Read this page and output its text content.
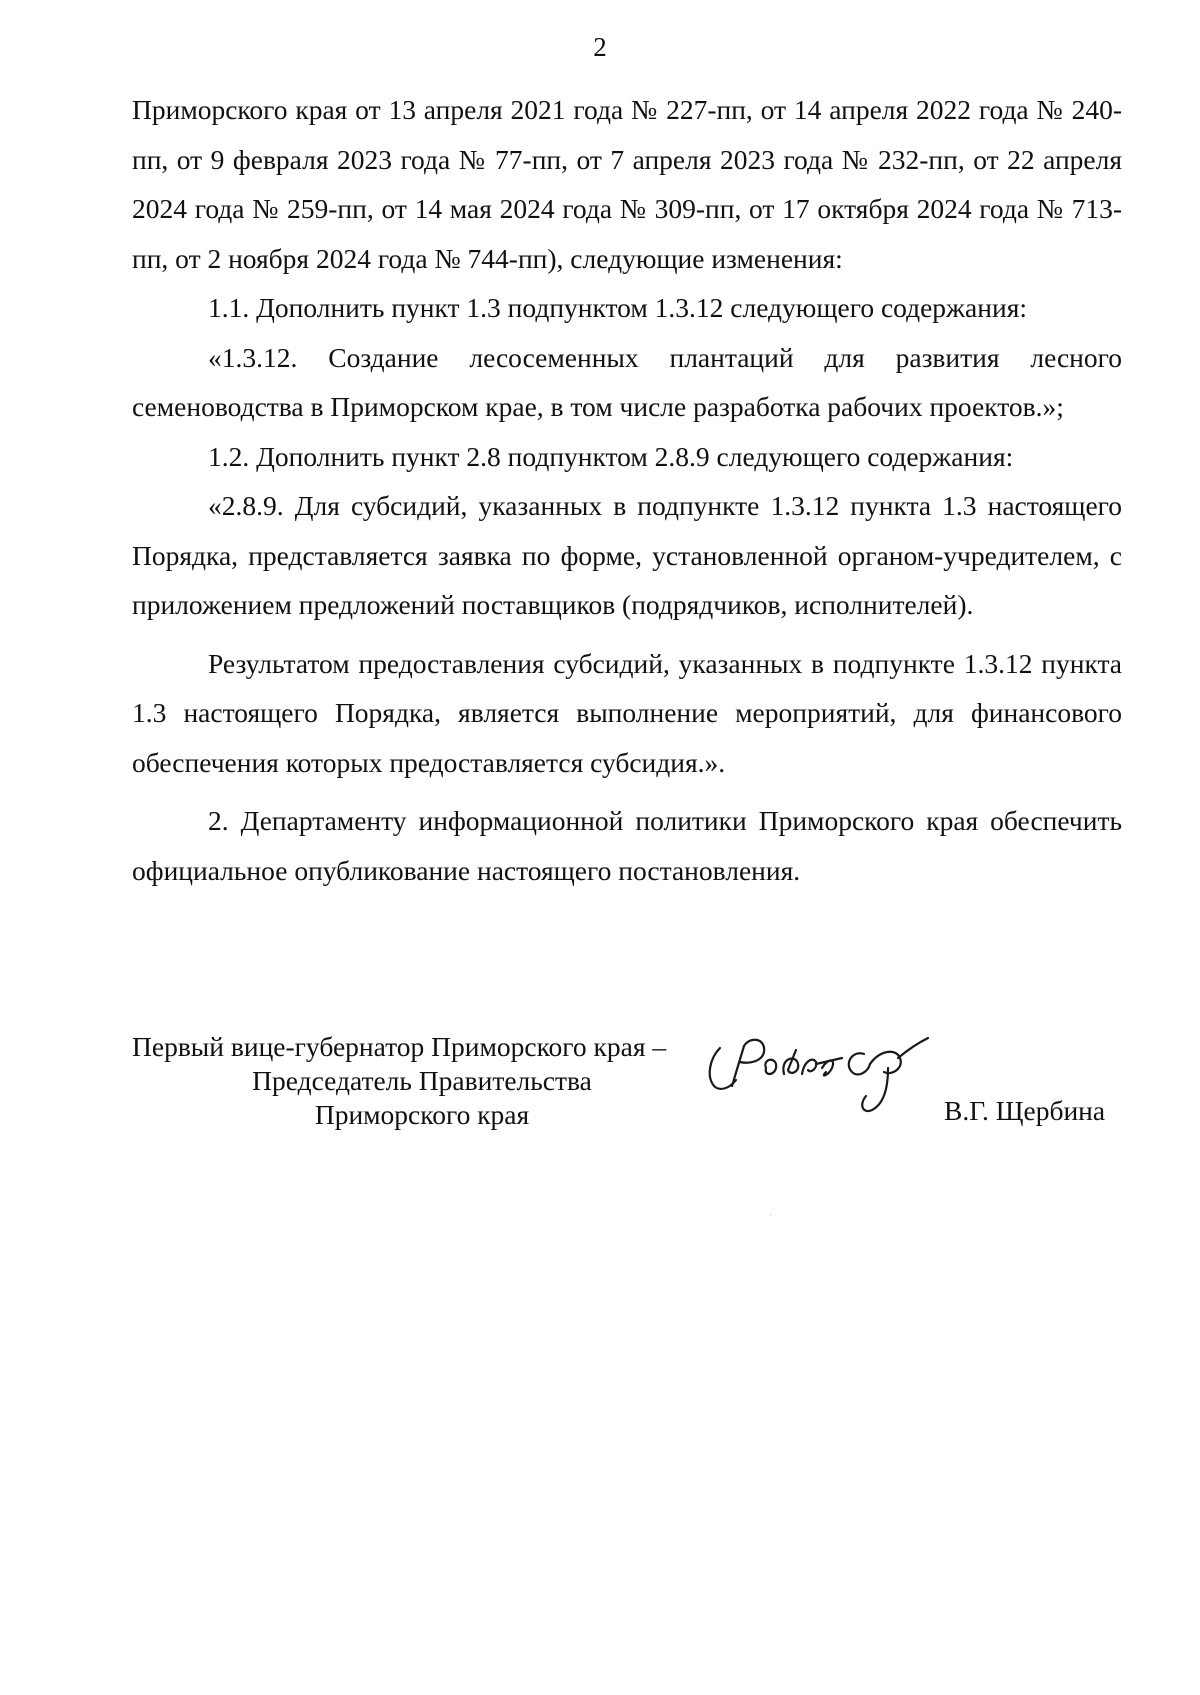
2

Приморского края от 13 апреля 2021 года № 227-пп, от 14 апреля 2022 года № 240-пп, от 9 февраля 2023 года № 77-пп, от 7 апреля 2023 года № 232-пп, от 22 апреля 2024 года № 259-пп, от 14 мая 2024 года № 309-пп, от 17 октября 2024 года № 713-пп, от 2 ноября 2024 года № 744-пп), следующие изменения:

1.1. Дополнить пункт 1.3 подпунктом 1.3.12 следующего содержания:

«1.3.12. Создание лесосеменных плантаций для развития лесного семеноводства в Приморском крае, в том числе разработка рабочих проектов.»;

1.2. Дополнить пункт 2.8 подпунктом 2.8.9 следующего содержания:

«2.8.9. Для субсидий, указанных в подпункте 1.3.12 пункта 1.3 настоящего Порядка, представляется заявка по форме, установленной органом-учредителем, с приложением предложений поставщиков (подрядчиков, исполнителей).

Результатом предоставления субсидий, указанных в подпункте 1.3.12 пункта 1.3 настоящего Порядка, является выполнение мероприятий, для финансового обеспечения которых предоставляется субсидия.».

2. Департаменту информационной политики Приморского края обеспечить официальное опубликование настоящего постановления.

Первый вице-губернатор Приморского края –
Председатель Правительства
Приморского края	В.Г. Щербина
